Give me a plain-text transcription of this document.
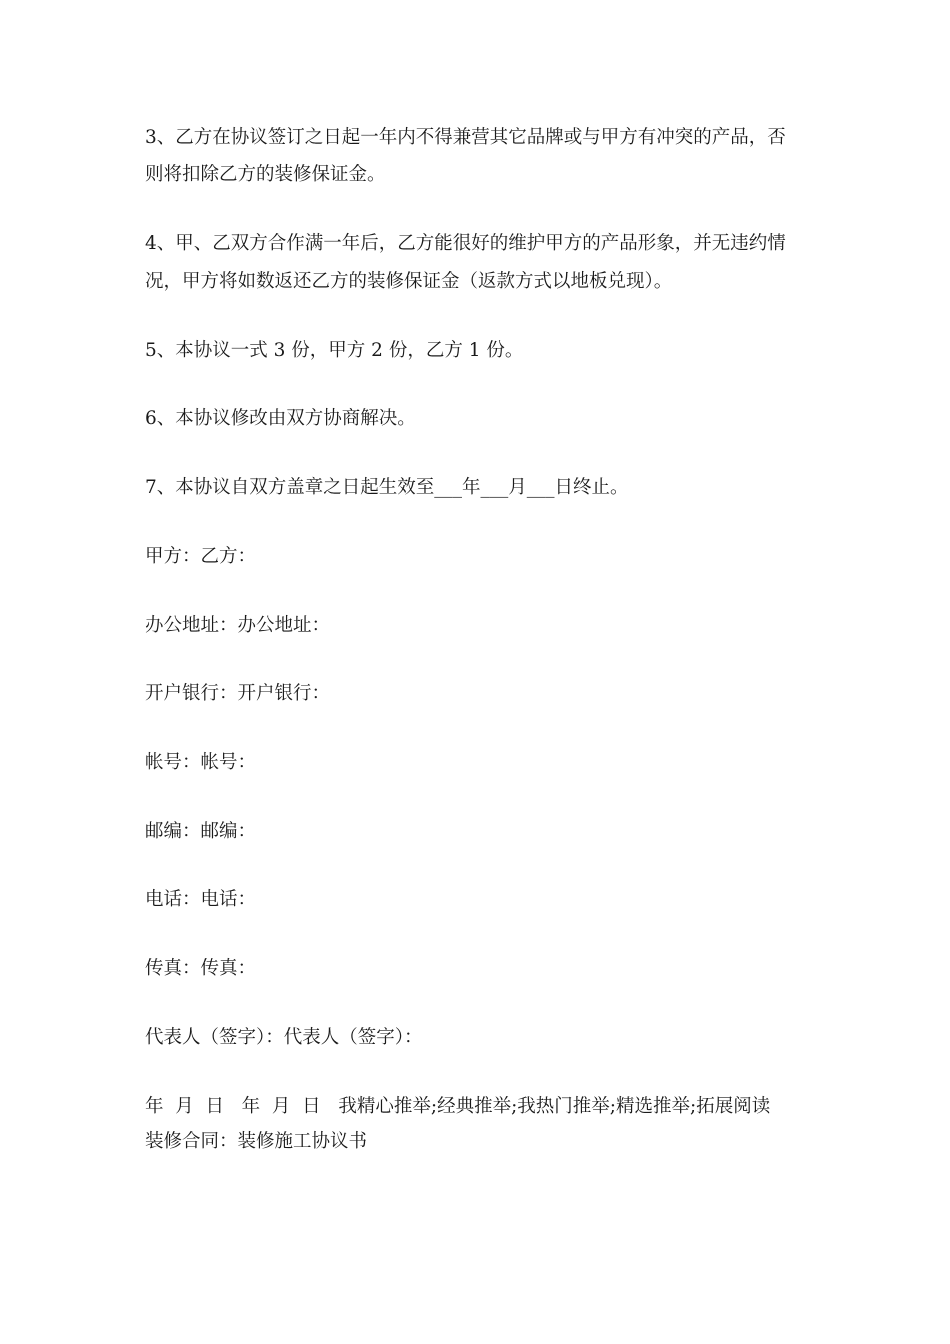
3、乙方在协议签订之日起一年内不得兼营其它品牌或与甲方有冲突的产品，否
则将扣除乙方的装修保证金。
4、甲、乙双方合作满一年后，乙方能很好的维护甲方的产品形象，并无违约情
况，甲方将如数返还乙方的装修保证金（返款方式以地板兑现）。
5、本协议一式 3 份，甲方 2 份，乙方 1 份。
6、本协议修改由双方协商解决。
7、本协议自双方盖章之日起生效至___年___月___日终止。
甲方：乙方：
办公地址：办公地址：
开户银行：开户银行：
帐号：帐号：
邮编：邮编：
电话：电话：
传真：传真：
代表人（签字）：代表人（签字）：
年  月  日   年  月  日   我精心推举;经典推举;我热门推举;精选推举;拓展阅读
装修合同：装修施工协议书
